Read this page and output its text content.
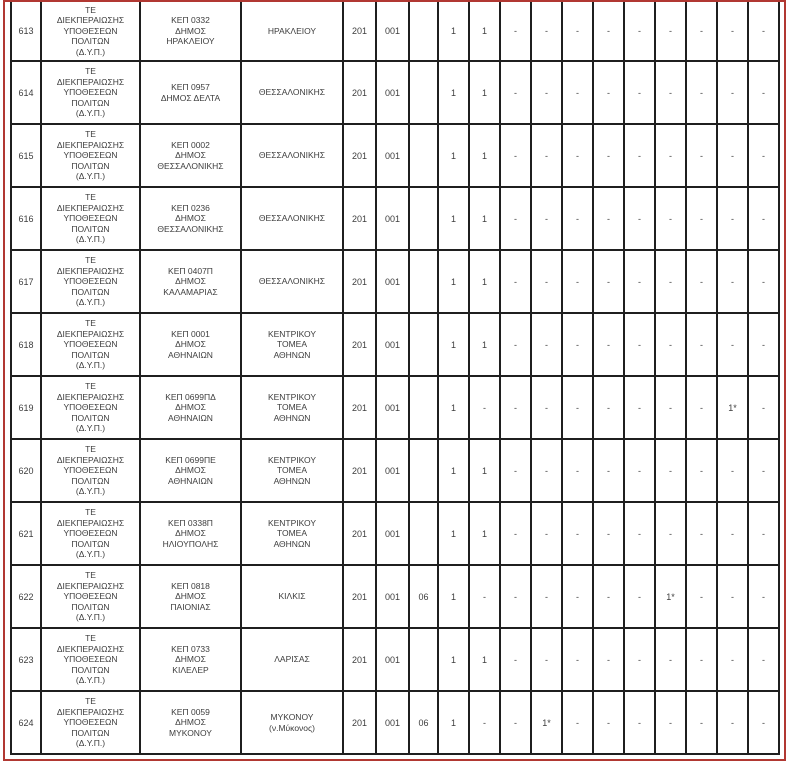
613	ΤΕ
ΔΙΕΚΠΕΡΑΙΩΣΗΣ
ΥΠΟΘΕΣΕΩΝ
ΠΟΛΙΤΩΝ
(Δ.Υ.Π.)	ΚΕΠ 0332
ΔΗΜΟΣ
ΗΡΑΚΛΕΙΟΥ	ΗΡΑΚΛΕΙΟΥ	201	001		1	1	-	-	-	-	-	-	-	-	-
614	ΤΕ
ΔΙΕΚΠΕΡΑΙΩΣΗΣ
ΥΠΟΘΕΣΕΩΝ
ΠΟΛΙΤΩΝ
(Δ.Υ.Π.)	ΚΕΠ 0957
ΔΗΜΟΣ ΔΕΛΤΑ	ΘΕΣΣΑΛΟΝΙΚΗΣ	201	001		1	1	-	-	-	-	-	-	-	-	-
615	ΤΕ
ΔΙΕΚΠΕΡΑΙΩΣΗΣ
ΥΠΟΘΕΣΕΩΝ
ΠΟΛΙΤΩΝ
(Δ.Υ.Π.)	ΚΕΠ 0002
ΔΗΜΟΣ
ΘΕΣΣΑΛΟΝΙΚΗΣ	ΘΕΣΣΑΛΟΝΙΚΗΣ	201	001		1	1	-	-	-	-	-	-	-	-	-
616	ΤΕ
ΔΙΕΚΠΕΡΑΙΩΣΗΣ
ΥΠΟΘΕΣΕΩΝ
ΠΟΛΙΤΩΝ
(Δ.Υ.Π.)	ΚΕΠ 0236
ΔΗΜΟΣ
ΘΕΣΣΑΛΟΝΙΚΗΣ	ΘΕΣΣΑΛΟΝΙΚΗΣ	201	001		1	1	-	-	-	-	-	-	-	-	-
617	ΤΕ
ΔΙΕΚΠΕΡΑΙΩΣΗΣ
ΥΠΟΘΕΣΕΩΝ
ΠΟΛΙΤΩΝ
(Δ.Υ.Π.)	ΚΕΠ 0407Π
ΔΗΜΟΣ
ΚΑΛΑΜΑΡΙΑΣ	ΘΕΣΣΑΛΟΝΙΚΗΣ	201	001		1	1	-	-	-	-	-	-	-	-	-
618	ΤΕ
ΔΙΕΚΠΕΡΑΙΩΣΗΣ
ΥΠΟΘΕΣΕΩΝ
ΠΟΛΙΤΩΝ
(Δ.Υ.Π.)	ΚΕΠ 0001
ΔΗΜΟΣ
ΑΘΗΝΑΙΩΝ	ΚΕΝΤΡΙΚΟΥ
ΤΟΜΕΑ
ΑΘΗΝΩΝ	201	001		1	1	-	-	-	-	-	-	-	-	-
619	ΤΕ
ΔΙΕΚΠΕΡΑΙΩΣΗΣ
ΥΠΟΘΕΣΕΩΝ
ΠΟΛΙΤΩΝ
(Δ.Υ.Π.)	ΚΕΠ 0699ΠΔ
ΔΗΜΟΣ
ΑΘΗΝΑΙΩΝ	ΚΕΝΤΡΙΚΟΥ
ΤΟΜΕΑ
ΑΘΗΝΩΝ	201	001		1	-	-	-	-	-	-	-	-	1*	-
620	ΤΕ
ΔΙΕΚΠΕΡΑΙΩΣΗΣ
ΥΠΟΘΕΣΕΩΝ
ΠΟΛΙΤΩΝ
(Δ.Υ.Π.)	ΚΕΠ 0699ΠΕ
ΔΗΜΟΣ
ΑΘΗΝΑΙΩΝ	ΚΕΝΤΡΙΚΟΥ
ΤΟΜΕΑ
ΑΘΗΝΩΝ	201	001		1	1	-	-	-	-	-	-	-	-	-
621	ΤΕ
ΔΙΕΚΠΕΡΑΙΩΣΗΣ
ΥΠΟΘΕΣΕΩΝ
ΠΟΛΙΤΩΝ
(Δ.Υ.Π.)	ΚΕΠ 0338Π
ΔΗΜΟΣ
ΗΛΙΟΥΠΟΛΗΣ	ΚΕΝΤΡΙΚΟΥ
ΤΟΜΕΑ
ΑΘΗΝΩΝ	201	001		1	1	-	-	-	-	-	-	-	-	-
622	ΤΕ
ΔΙΕΚΠΕΡΑΙΩΣΗΣ
ΥΠΟΘΕΣΕΩΝ
ΠΟΛΙΤΩΝ
(Δ.Υ.Π.)	ΚΕΠ 0818
ΔΗΜΟΣ
ΠΑΙΟΝΙΑΣ	ΚΙΛΚΙΣ	201	001	06	1	-	-	-	-	-	-	1*	-	-	-
623	ΤΕ
ΔΙΕΚΠΕΡΑΙΩΣΗΣ
ΥΠΟΘΕΣΕΩΝ
ΠΟΛΙΤΩΝ
(Δ.Υ.Π.)	ΚΕΠ 0733
ΔΗΜΟΣ
ΚΙΛΕΛΕΡ	ΛΑΡΙΣΑΣ	201	001		1	1	-	-	-	-	-	-	-	-	-
624	ΤΕ
ΔΙΕΚΠΕΡΑΙΩΣΗΣ
ΥΠΟΘΕΣΕΩΝ
ΠΟΛΙΤΩΝ
(Δ.Υ.Π.)	ΚΕΠ 0059
ΔΗΜΟΣ
ΜΥΚΟΝΟΥ	ΜΥΚΟΝΟΥ
(ν.Μύκονος)	201	001	06	1	-	-	1*	-	-	-	-	-	-	-
